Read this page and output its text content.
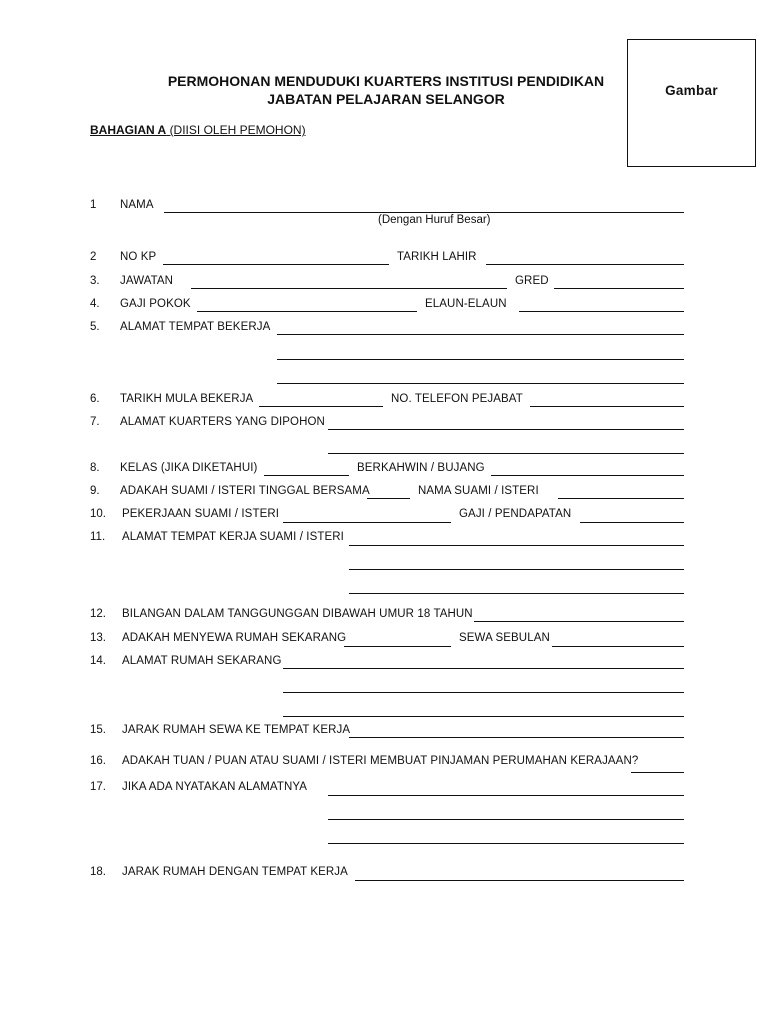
PERMOHONAN MENDUDUKI KUARTERS INSTITUSI PENDIDIKAN
JABATAN PELAJARAN SELANGOR
Gambar
BAHAGIAN A (DIISI OLEH PEMOHON)
1 NAMA
(Dengan Huruf Besar)
2 NO KP	TARIKH LAHIR
3. JAWATAN	GRED
4. GAJI POKOK	ELAUN-ELAUN
5. ALAMAT TEMPAT BEKERJA
6. TARIKH MULA BEKERJA	NO. TELEFON PEJABAT
7. ALAMAT KUARTERS YANG DIPOHON
8. KELAS (JIKA DIKETAHUI)	BERKAHWIN / BUJANG
9. ADAKAH SUAMI / ISTERI TINGGAL BERSAMA	NAMA SUAMI / ISTERI
10. PEKERJAAN SUAMI / ISTERI	GAJI / PENDAPATAN
11. ALAMAT TEMPAT KERJA SUAMI / ISTERI
12. BILANGAN DALAM TANGGUNGGAN DIBAWAH UMUR 18 TAHUN
13. ADAKAH MENYEWA RUMAH SEKARANG	SEWA SEBULAN
14. ALAMAT RUMAH SEKARANG
15. JARAK RUMAH SEWA KE TEMPAT KERJA
16. ADAKAH TUAN / PUAN ATAU SUAMI / ISTERI MEMBUAT PINJAMAN PERUMAHAN KERAJAAN?
17. JIKA ADA NYATAKAN ALAMATNYA
18. JARAK RUMAH DENGAN TEMPAT KERJA
